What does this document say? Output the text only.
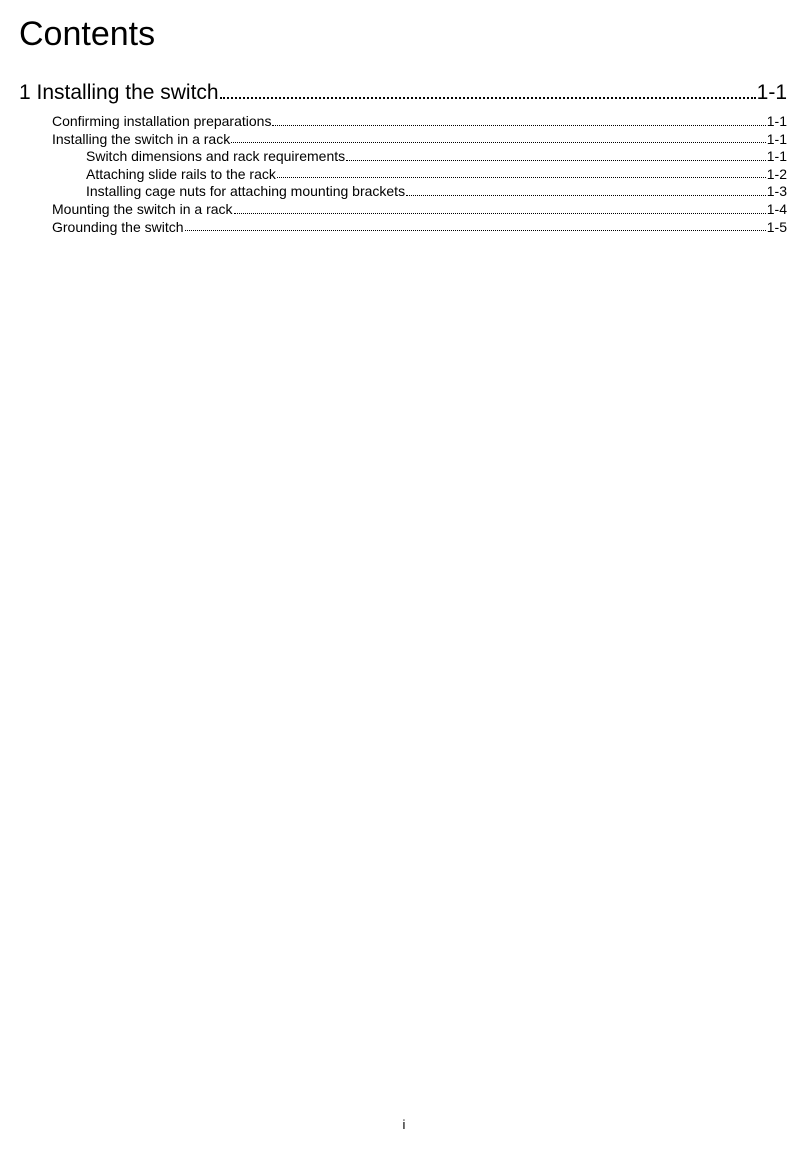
Contents
1 Installing the switch	1-1
Confirming installation preparations	1-1
Installing the switch in a rack	1-1
Switch dimensions and rack requirements	1-1
Attaching slide rails to the rack	1-2
Installing cage nuts for attaching mounting brackets	1-3
Mounting the switch in a rack	1-4
Grounding the switch	1-5
i
